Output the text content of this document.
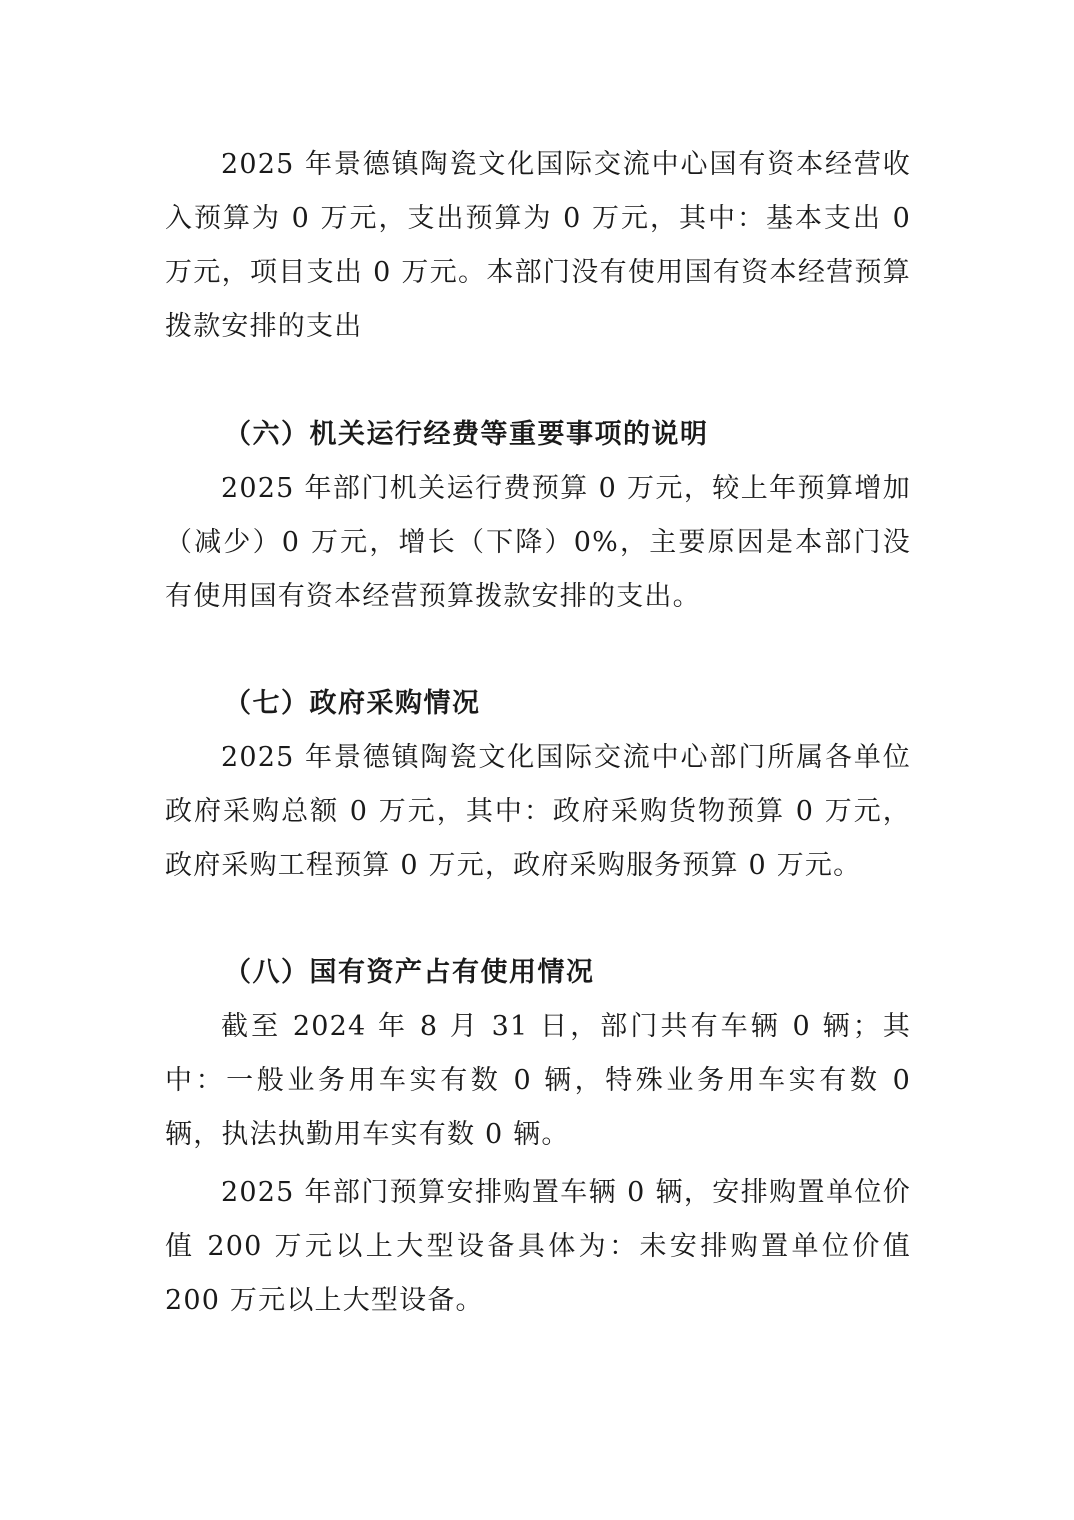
2025 年景德镇陶瓷文化国际交流中心国有资本经营收入预算为 0 万元，支出预算为 0 万元，其中：基本支出 0 万元，项目支出 0 万元。本部门没有使用国有资本经营预算拨款安排的支出

（六）机关运行经费等重要事项的说明

2025 年部门机关运行费预算 0 万元，较上年预算增加（减少）0 万元，增长（下降）0%，主要原因是本部门没有使用国有资本经营预算拨款安排的支出。

（七）政府采购情况

2025 年景德镇陶瓷文化国际交流中心部门所属各单位政府采购总额 0 万元，其中：政府采购货物预算 0 万元，政府采购工程预算 0 万元，政府采购服务预算 0 万元。

（八）国有资产占有使用情况

截至 2024 年 8 月 31 日，部门共有车辆 0 辆；其中：一般业务用车实有数 0 辆，特殊业务用车实有数 0 辆，执法执勤用车实有数 0 辆。

2025 年部门预算安排购置车辆 0 辆，安排购置单位价值 200 万元以上大型设备具体为：未安排购置单位价值 200 万元以上大型设备。
